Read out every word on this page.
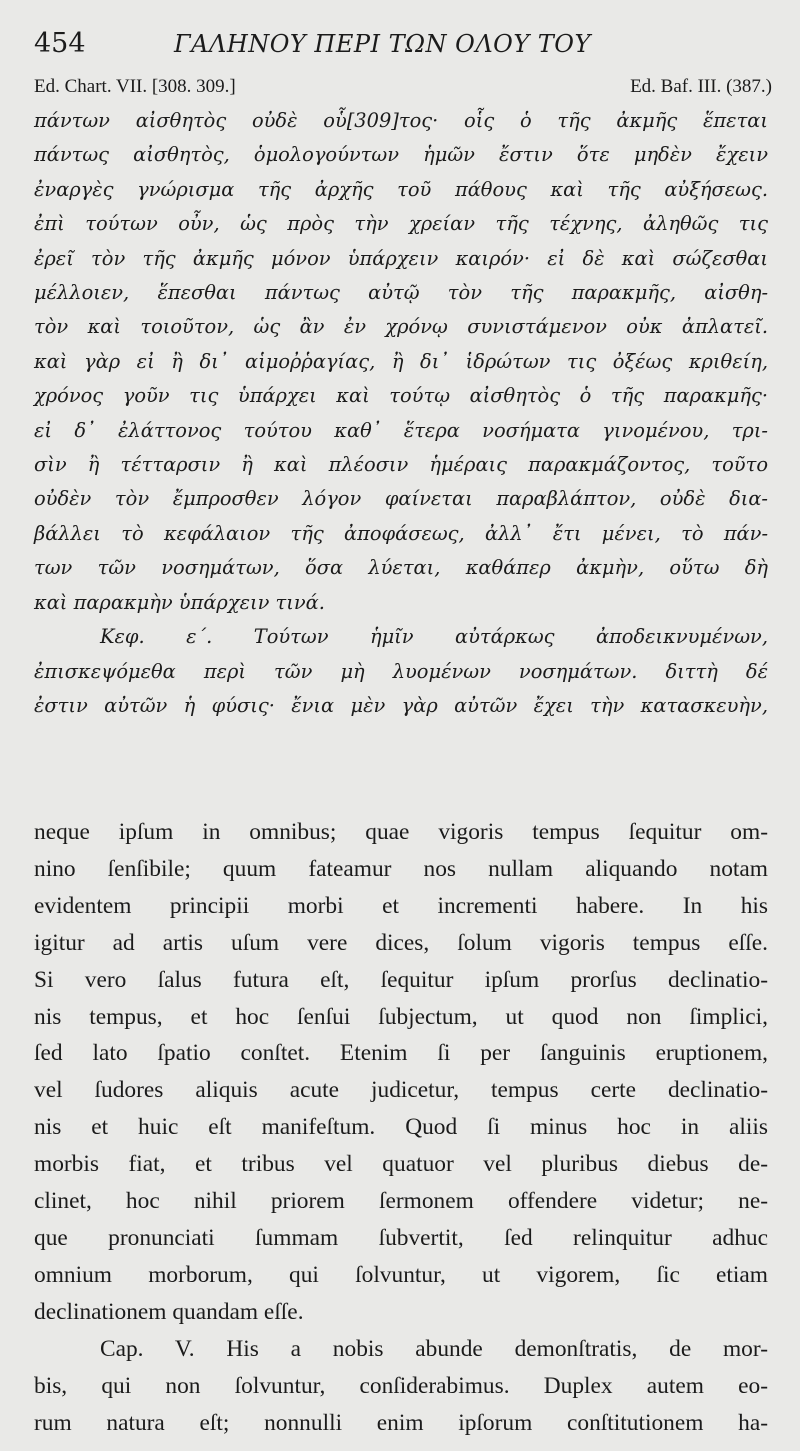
454	ΓΑΛΗΝΟΥ ΠΕΡΙ ΤΩΝ ΟΛΟΥ ΤΟΥ
Ed. Chart. VII. [308. 309.]	Ed. Baf. III. (387.)
πάντων αἰσθητὸς οὐδὲ οὗ[309]τος· οἷς ὁ τῆς ἀκμῆς ἕπεται
πάντως αἰσθητὸς, ὁμολογούντων ἡμῶν ἔστιν ὅτε μηδὲν ἔχειν
ἐναργὲς γνώρισμα τῆς ἀρχῆς τοῦ πάθους καὶ τῆς αὐξήσεως.
ἐπὶ τούτων οὖν, ὡς πρὸς τὴν χρείαν τῆς τέχνης, ἀληθῶς τις
ἐρεῖ τὸν τῆς ἀκμῆς μόνον ὑπάρχειν καιρόν· εἰ δὲ καὶ σώζεσθαι
μέλλοιεν, ἕπεσθαι πάντως αὐτῷ τὸν τῆς παρακμῆς, αἰσθη-
τὸν καὶ τοιοῦτον, ὡς ἂν ἐν χρόνῳ συνιστάμενον οὐκ ἀπλατεῖ.
καὶ γὰρ εἰ ἢ δι᾽ αἱμοῤῥαγίας, ἢ δι᾽ ἱδρώτων τις ὀξέως κριθείη,
χρόνος γοῦν τις ὑπάρχει καὶ τούτῳ αἰσθητὸς ὁ τῆς παρακμῆς·
εἰ δ᾽ ἐλάττονος τούτου καθ᾽ ἕτερα νοσήματα γινομένου, τρι-
σὶν ἢ τέτταρσιν ἢ καὶ πλέοσιν ἡμέραις παρακμάζοντος, τοῦτο
οὐδὲν τὸν ἔμπροσθεν λόγον φαίνεται παραβλάπτον, οὐδὲ δια-
βάλλει τὸ κεφάλαιον τῆς ἀποφάσεως, ἀλλ᾽ ἔτι μένει, τὸ πάν-
των τῶν νοσημάτων, ὅσα λύεται, καθάπερ ἀκμὴν, οὕτω δὴ
καὶ παρακμὴν ὑπάρχειν τινά.
Κεφ. ε΄. Τούτων ἡμῖν αὐτάρκως ἀποδεικνυμένων,
ἐπισκεψόμεθα περὶ τῶν μὴ λυομένων νοσημάτων. διττὴ δέ
ἐστιν αὐτῶν ἡ φύσις· ἔνια μὲν γὰρ αὐτῶν ἔχει τὴν κατασκευὴν,
neque ipſum in omnibus; quae vigoris tempus ſequitur om-
nino ſenſibile; quum fateamur nos nullam aliquando notam
evidentem principii morbi et incrementi habere. In his
igitur ad artis uſum vere dices, ſolum vigoris tempus eſſe.
Si vero ſalus futura eſt, ſequitur ipſum prorſus declinatio-
nis tempus, et hoc ſenſui ſubjectum, ut quod non ſimplici,
ſed lato ſpatio conſtet. Etenim ſi per ſanguinis eruptionem,
vel ſudores aliquis acute judicetur, tempus certe declinatio-
nis et huic eſt manifeſtum. Quod ſi minus hoc in aliis
morbis fiat, et tribus vel quatuor vel pluribus diebus de-
clinet, hoc nihil priorem ſermonem offendere videtur; ne-
que pronunciati ſummam ſubvertit, ſed relinquitur adhuc
omnium morborum, qui ſolvuntur, ut vigorem, ſic etiam
declinationem quandam eſſe.
Cap. V. His a nobis abunde demonſtratis, de mor-
bis, qui non ſolvuntur, conſiderabimus. Duplex autem eo-
rum natura eſt; nonnulli enim ipſorum conſtitutionem ha-
